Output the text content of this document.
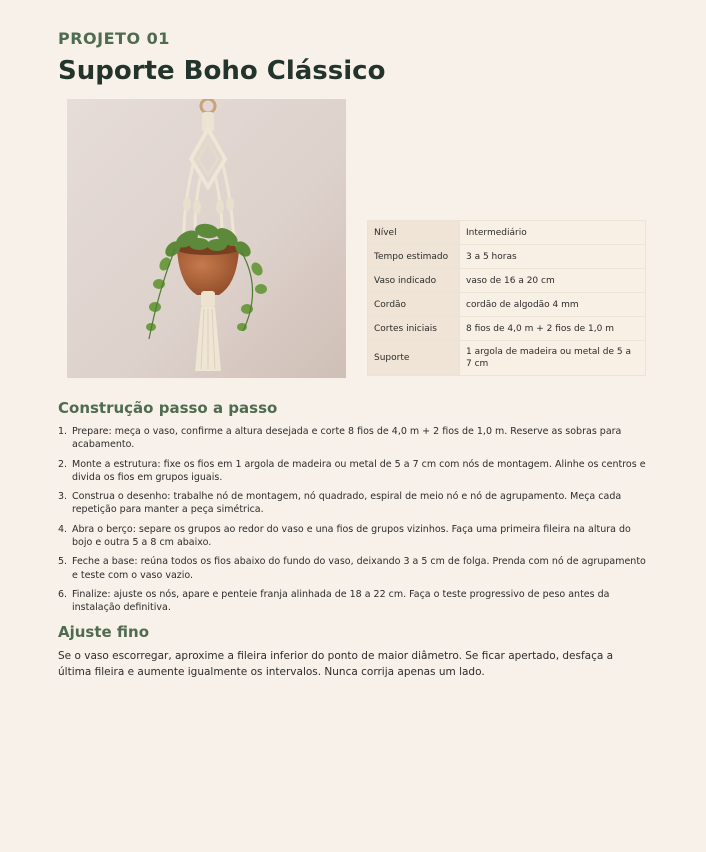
PROJETO 01
Suporte Boho Clássico
Nível	Intermediário
Tempo estimado	3 a 5 horas
Vaso indicado	vaso de 16 a 20 cm
Cordão	cordão de algodão 4 mm
Cortes iniciais	8 fios de 4,0 m + 2 fios de 1,0 m
Suporte	1 argola de madeira ou metal de 5 a 7 cm
Construção passo a passo
1. Prepare: meça o vaso, confirme a altura desejada e corte 8 fios de 4,0 m + 2 fios de 1,0 m. Reserve as sobras para acabamento.
2. Monte a estrutura: fixe os fios em 1 argola de madeira ou metal de 5 a 7 cm com nós de montagem. Alinhe os centros e divida os fios em grupos iguais.
3. Construa o desenho: trabalhe nó de montagem, nó quadrado, espiral de meio nó e nó de agrupamento. Meça cada repetição para manter a peça simétrica.
4. Abra o berço: separe os grupos ao redor do vaso e una fios de grupos vizinhos. Faça uma primeira fileira na altura do bojo e outra 5 a 8 cm abaixo.
5. Feche a base: reúna todos os fios abaixo do fundo do vaso, deixando 3 a 5 cm de folga. Prenda com nó de agrupamento e teste com o vaso vazio.
6. Finalize: ajuste os nós, apare e penteie franja alinhada de 18 a 22 cm. Faça o teste progressivo de peso antes da instalação definitiva.
Ajuste fino

Se o vaso escorregar, aproxime a fileira inferior do ponto de maior diâmetro. Se ficar apertado, desfaça a última fileira e aumente igualmente os intervalos. Nunca corrija apenas um lado.
